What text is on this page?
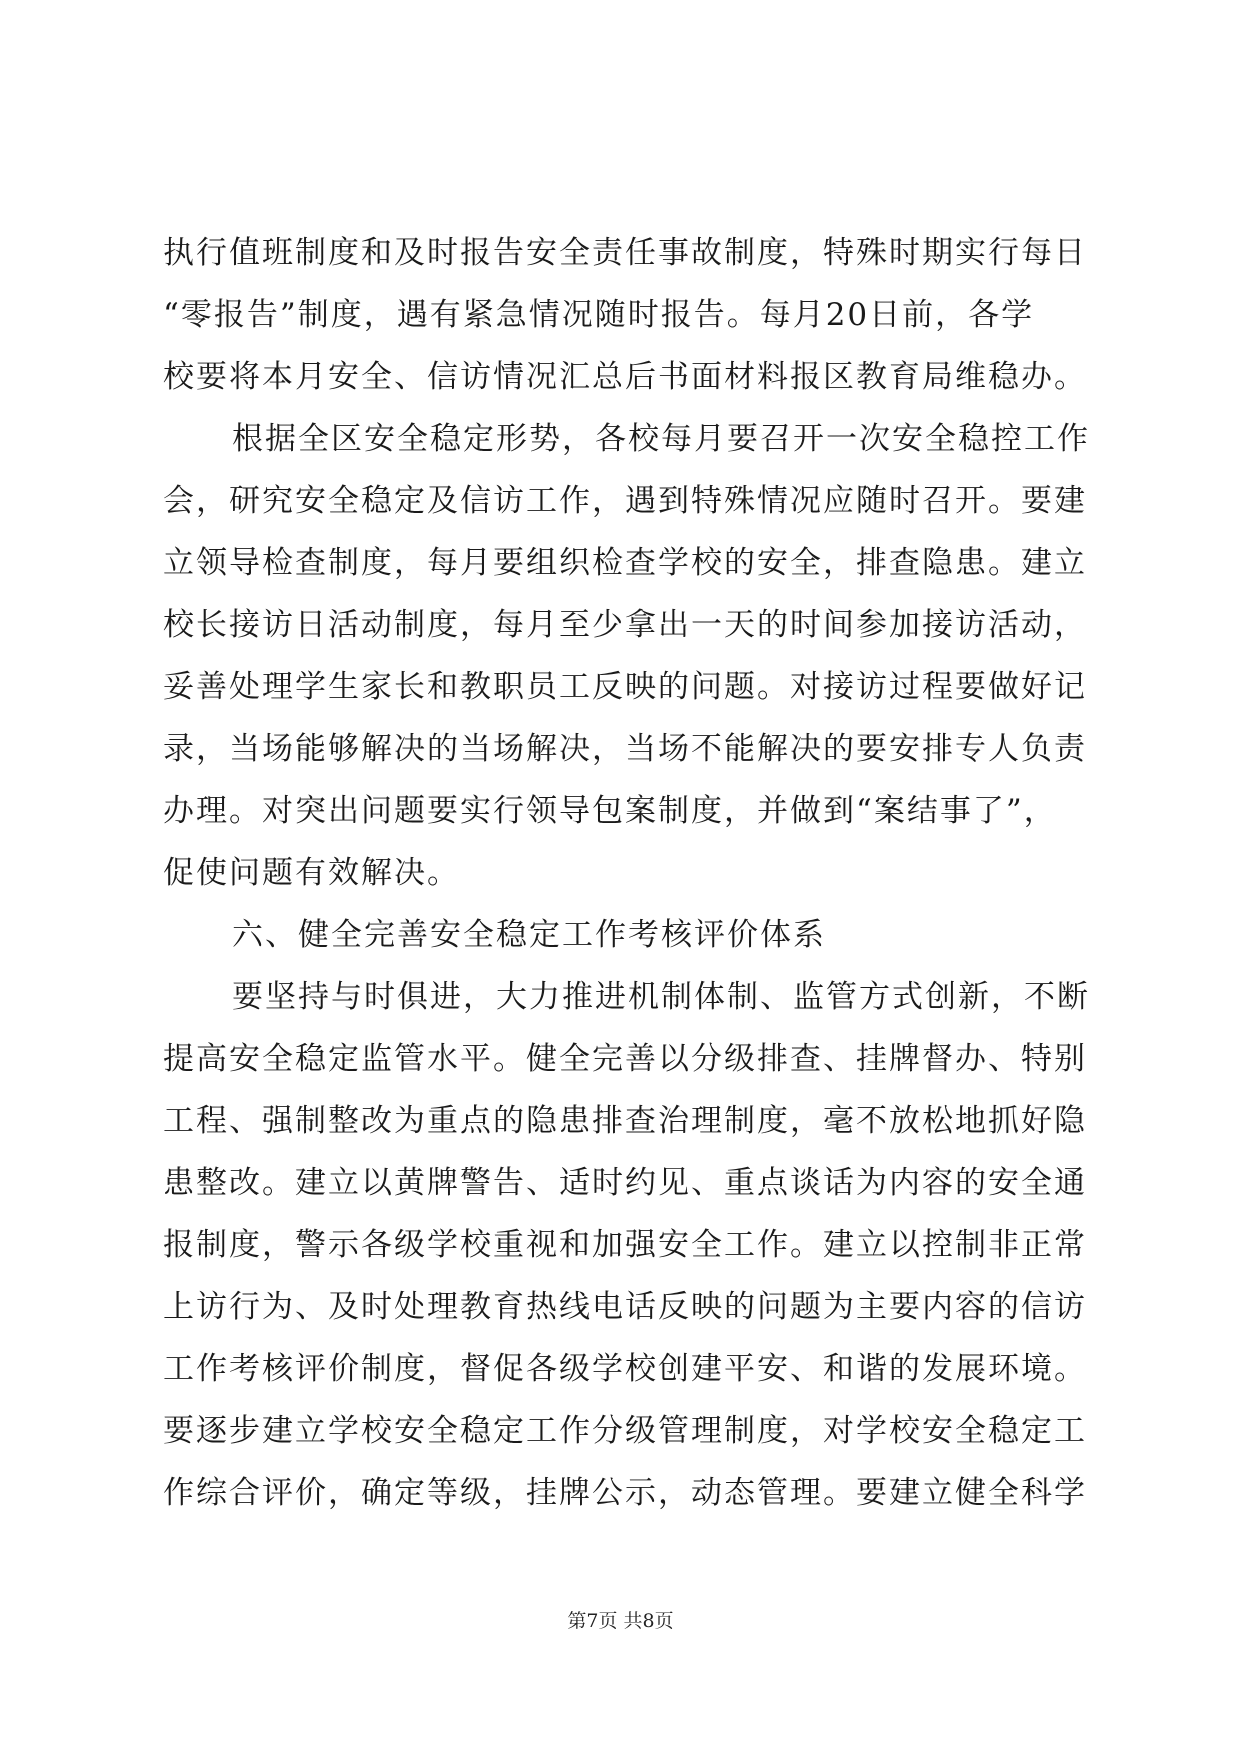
执行值班制度和及时报告安全责任事故制度，特殊时期实行每日
“零报告”制度，遇有紧急情况随时报告。每月20日前，各学
校要将本月安全、信访情况汇总后书面材料报区教育局维稳办。
根据全区安全稳定形势，各校每月要召开一次安全稳控工作
会，研究安全稳定及信访工作，遇到特殊情况应随时召开。要建
立领导检查制度，每月要组织检查学校的安全，排查隐患。建立
校长接访日活动制度，每月至少拿出一天的时间参加接访活动，
妥善处理学生家长和教职员工反映的问题。对接访过程要做好记
录，当场能够解决的当场解决，当场不能解决的要安排专人负责
办理。对突出问题要实行领导包案制度，并做到“案结事了”，
促使问题有效解决。
六、健全完善安全稳定工作考核评价体系
要坚持与时俱进，大力推进机制体制、监管方式创新，不断
提高安全稳定监管水平。健全完善以分级排查、挂牌督办、特别
工程、强制整改为重点的隐患排查治理制度，毫不放松地抓好隐
患整改。建立以黄牌警告、适时约见、重点谈话为内容的安全通
报制度，警示各级学校重视和加强安全工作。建立以控制非正常
上访行为、及时处理教育热线电话反映的问题为主要内容的信访
工作考核评价制度，督促各级学校创建平安、和谐的发展环境。
要逐步建立学校安全稳定工作分级管理制度，对学校安全稳定工
作综合评价，确定等级，挂牌公示，动态管理。要建立健全科学
第7页 共8页
